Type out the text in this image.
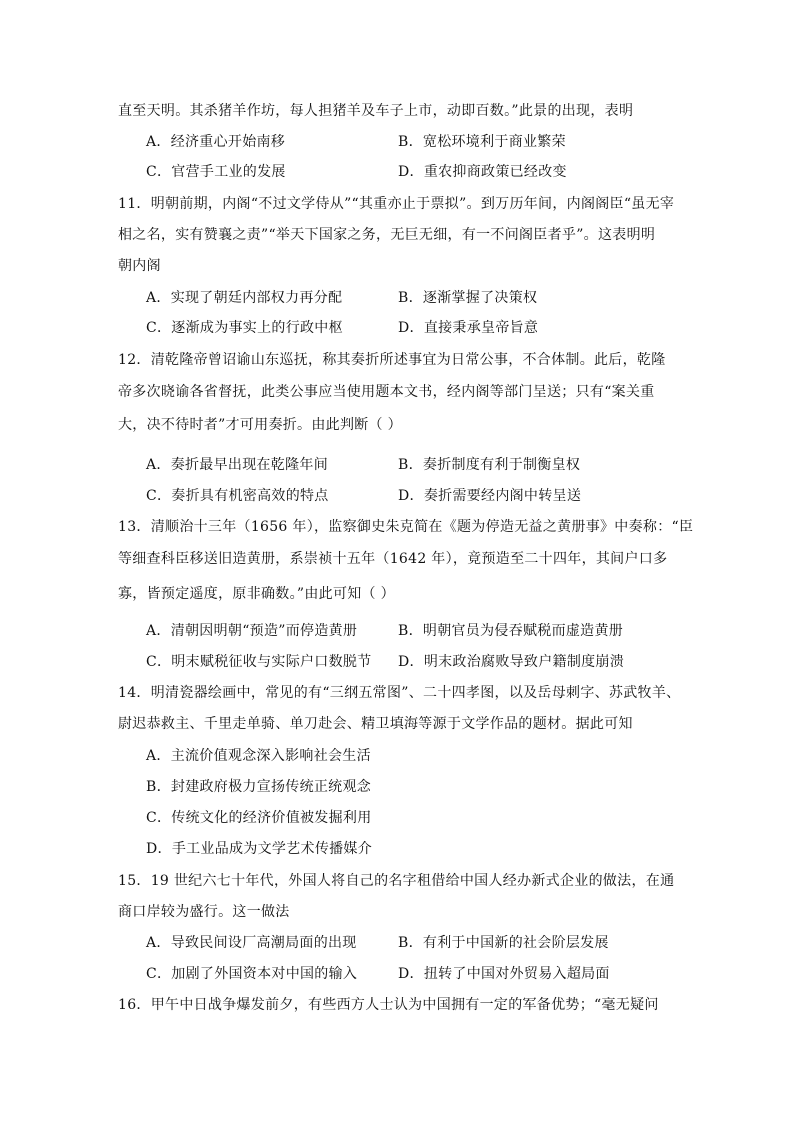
直至天明。其杀猪羊作坊，每人担猪羊及车子上市，动即百数。”此景的出现，表明
A．经济重心开始南移	B．宽松环境利于商业繁荣
C．官营手工业的发展	D．重农抑商政策已经改变
11．明朝前期，内阁“不过文学侍从”“其重亦止于票拟”。到万历年间，内阁阁臣“虽无宰
相之名，实有赞襄之责”“举天下国家之务，无巨无细，有一不问阁臣者乎”。这表明明
朝内阁
A．实现了朝廷内部权力再分配	B．逐渐掌握了决策权
C．逐渐成为事实上的行政中枢	D．直接秉承皇帝旨意
12．清乾隆帝曾诏谕山东巡抚，称其奏折所述事宜为日常公事，不合体制。此后，乾隆
帝多次晓谕各省督抚，此类公事应当使用题本文书，经内阁等部门呈送；只有“案关重
大，决不待时者”才可用奏折。由此判断（ ）
A．奏折最早出现在乾隆年间	B．奏折制度有利于制衡皇权
C．奏折具有机密高效的特点	D．奏折需要经内阁中转呈送
13．清顺治十三年（1656 年），监察御史朱克简在《题为停造无益之黄册事》中奏称：“臣
等细查科臣移送旧造黄册，系崇祯十五年（1642 年），竟预造至二十四年，其间户口多
寡，皆预定遥度，原非确数。”由此可知（ ）
A．清朝因明朝“预造”而停造黄册	B．明朝官员为侵吞赋税而虚造黄册
C．明末赋税征收与实际户口数脱节 D．明末政治腐败导致户籍制度崩溃
14．明清瓷器绘画中，常见的有“三纲五常图”、二十四孝图，以及岳母刺字、苏武牧羊、
尉迟恭救主、千里走单骑、单刀赴会、精卫填海等源于文学作品的题材。据此可知
A．主流价值观念深入影响社会生活
B．封建政府极力宣扬传统正统观念
C．传统文化的经济价值被发掘利用
D．手工业品成为文学艺术传播媒介
15．19 世纪六七十年代，外国人将自己的名字租借给中国人经办新式企业的做法，在通
商口岸较为盛行。这一做法
A．导致民间设厂高潮局面的出现	B．有利于中国新的社会阶层发展
C．加剧了外国资本对中国的输入	D．扭转了中国对外贸易入超局面
16．甲午中日战争爆发前夕，有些西方人士认为中国拥有一定的军备优势；“毫无疑问
